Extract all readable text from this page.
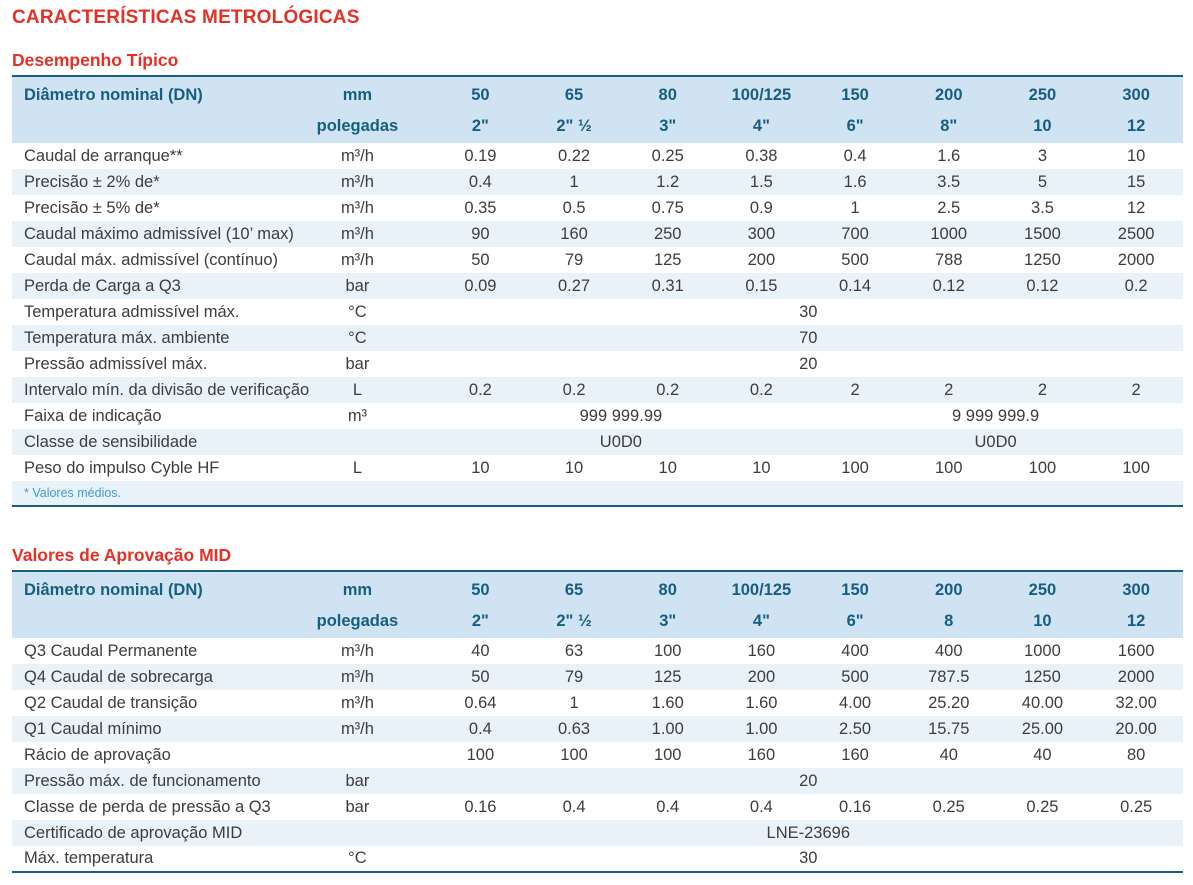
CARACTERÍSTICAS METROLÓGICAS
Desempenho Típico
Diâmetro nominal (DN)	mm	50	65	80	100/125	150	200	250	300
	polegadas	2"	2" ½	3"	4"	6"	8"	10	12
Caudal de arranque**	m³/h	0.19	0.22	0.25	0.38	0.4	1.6	3	10
Precisão ± 2% de*	m³/h	0.4	1	1.2	1.5	1.6	3.5	5	15
Precisão ± 5% de*	m³/h	0.35	0.5	0.75	0.9	1	2.5	3.5	12
Caudal máximo admissível (10’ max)	m³/h	90	160	250	300	700	1000	1500	2500
Caudal máx. admissível (contínuo)	m³/h	50	79	125	200	500	788	1250	2000
Perda de Carga a Q3	bar	0.09	0.27	0.31	0.15	0.14	0.12	0.12	0.2
Temperatura admissível máx.	°C	30							
Temperatura máx. ambiente	°C	70							
Pressão admissível máx.	bar	20							
Intervalo mín. da divisão de verificação	L	0.2	0.2	0.2	0.2	2	2	2	2
Faixa de indicação	m³	999 999.99				9 999 999.9			
Classe de sensibilidade		U0D0				U0D0			
Peso do impulso Cyble HF	L	10	10	10	10	100	100	100	100
* Valores médios.									
Valores de Aprovação MID
Diâmetro nominal (DN)	mm	50	65	80	100/125	150	200	250	300
	polegadas	2"	2" ½	3"	4"	6"	8	10	12
Q3 Caudal Permanente	m³/h	40	63	100	160	400	400	1000	1600
Q4 Caudal de sobrecarga	m³/h	50	79	125	200	500	787.5	1250	2000
Q2 Caudal de transição	m³/h	0.64	1	1.60	1.60	4.00	25.20	40.00	32.00
Q1 Caudal mínimo	m³/h	0.4	0.63	1.00	1.00	2.50	15.75	25.00	20.00
Rácio de aprovação		100	100	100	160	160	40	40	80
Pressão máx. de funcionamento	bar	20							
Classe de perda de pressão a Q3	bar	0.16	0.4	0.4	0.4	0.16	0.25	0.25	0.25
Certificado de aprovação MID		LNE-23696							
Máx. temperatura	°C	30							
